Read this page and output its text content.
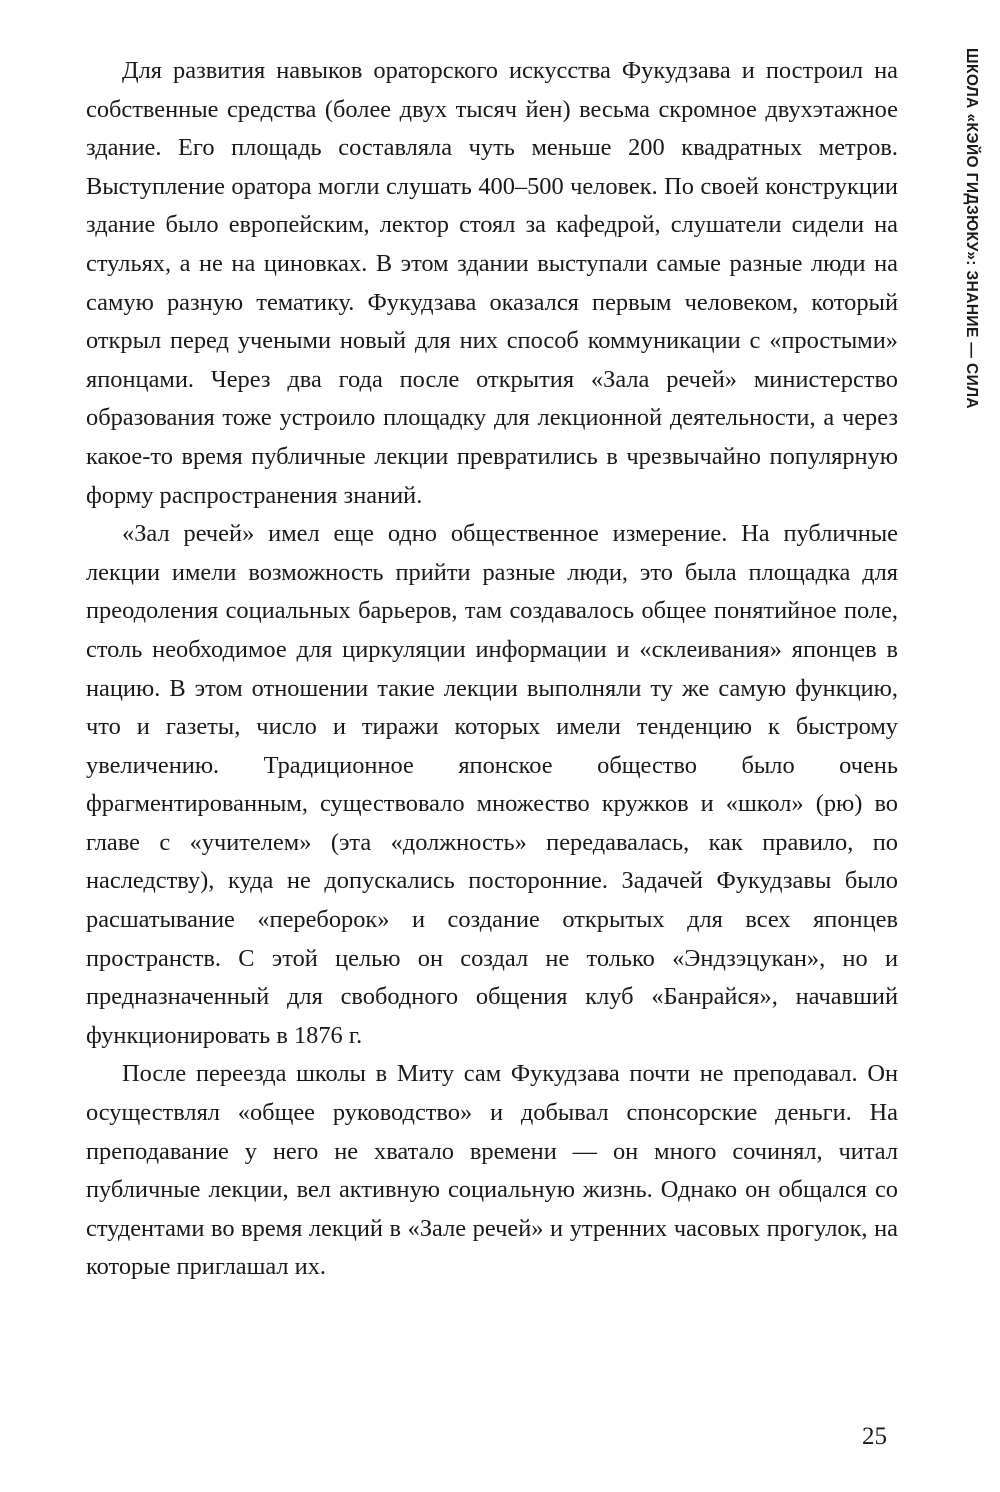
Для развития навыков ораторского искусства Фукудзава и построил на собственные средства (более двух тысяч йен) весьма скромное двухэтажное здание. Его площадь составляла чуть меньше 200 квадратных метров. Выступление оратора могли слушать 400–500 человек. По своей конструкции здание было европейским, лектор стоял за кафедрой, слушатели сидели на стульях, а не на циновках. В этом здании выступали самые разные люди на самую разную тематику. Фукудзава оказался первым человеком, который открыл перед учеными новый для них способ коммуникации с «простыми» японцами. Через два года после открытия «Зала речей» министерство образования тоже устроило площадку для лекционной деятельности, а через какое-то время публичные лекции превратились в чрезвычайно популярную форму распространения знаний.

«Зал речей» имел еще одно общественное измерение. На публичные лекции имели возможность прийти разные люди, это была площадка для преодоления социальных барьеров, там создавалось общее понятийное поле, столь необходимое для циркуляции информации и «склеивания» японцев в нацию. В этом отношении такие лекции выполняли ту же самую функцию, что и газеты, число и тиражи которых имели тенденцию к быстрому увеличению. Традиционное японское общество было очень фрагментированным, существовало множество кружков и «школ» (рю) во главе с «учителем» (эта «должность» передавалась, как правило, по наследству), куда не допускались посторонние. Задачей Фукудзавы было расшатывание «переборок» и создание открытых для всех японцев пространств. С этой целью он создал не только «Эндзэцукан», но и предназначенный для свободного общения клуб «Банрайся», начавший функционировать в 1876 г.

После переезда школы в Миту сам Фукудзава почти не преподавал. Он осуществлял «общее руководство» и добывал спонсорские деньги. На преподавание у него не хватало времени — он много сочинял, читал публичные лекции, вел активную социальную жизнь. Однако он общался со студентами во время лекций в «Зале речей» и утренних часовых прогулок, на которые приглашал их.

ШКОЛА «КЭЙО ГИДЗЮКУ»: ЗНАНИЕ — СИЛА
25
